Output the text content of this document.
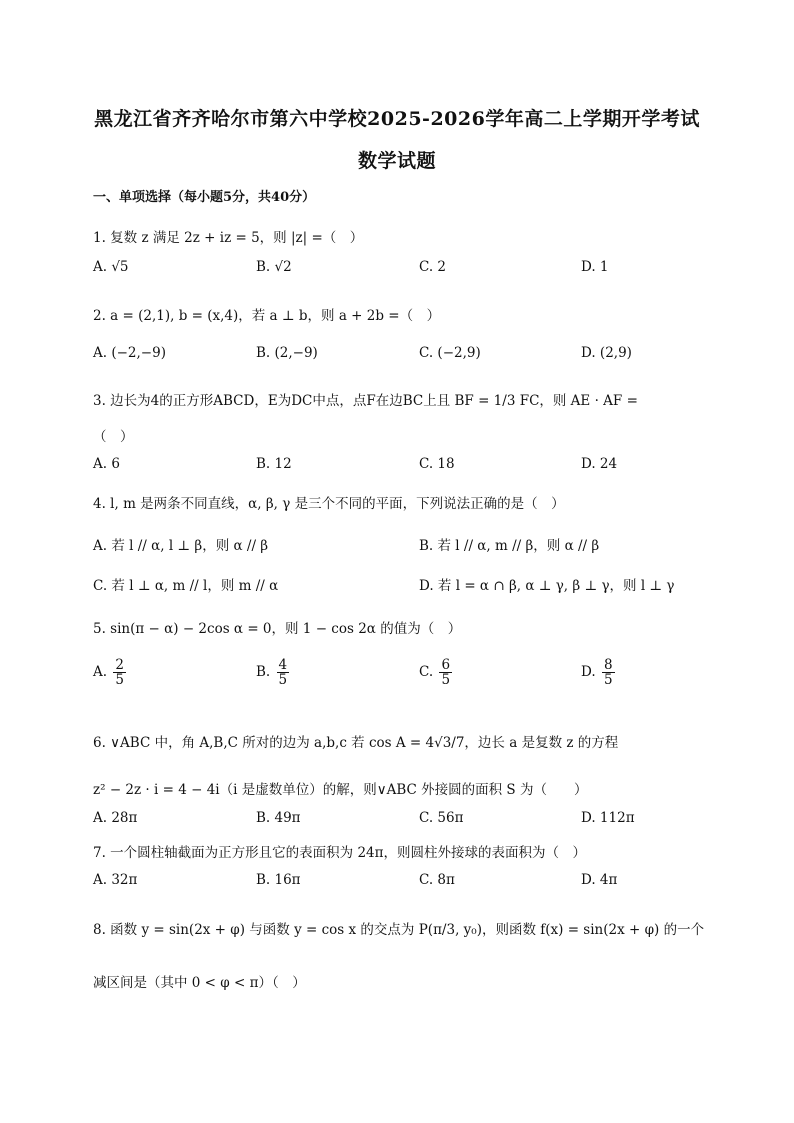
黑龙江省齐齐哈尔市第六中学校2025-2026学年高二上学期开学考试
数学试题
一、单项选择（每小题5分，共40分）
1. 复数 z 满足 2z + iz = 5，则 |z| =（　）
A. √5	B. √2	C. 2	D. 1
2. a = (2,1), b = (x,4)，若 a ⊥ b，则 a + 2b =（　）
A. (−2,−9)	B. (2,−9)	C. (−2,9)	D. (2,9)
3. 边长为4的正方形ABCD，E为DC中点，点F在边BC上且 BF = 1/3 FC，则 AE · AF =
（　）
A. 6	B. 12	C. 18	D. 24
4. l, m 是两条不同直线，α, β, γ 是三个不同的平面，下列说法正确的是（　）
A. 若 l // α, l ⊥ β，则 α // β	B. 若 l // α, m // β，则 α // β
C. 若 l ⊥ α, m // l，则 m // α	D. 若 l = α ∩ β, α ⊥ γ, β ⊥ γ，则 l ⊥ γ
5. sin(π − α) − 2cos α = 0，则 1 − cos 2α 的值为（　）
A. $\frac{2}{5}$	B. $\frac{4}{5}$	C. $\frac{6}{5}$	D. $\frac{8}{5}$
6. ∨ABC 中，角 A,B,C 所对的边为 a,b,c 若 cos A = 4√3/7，边长 a 是复数 z 的方程
z² − 2z · i = 4 − 4i（i 是虚数单位）的解，则∨ABC 外接圆的面积 S 为（　　）
A. 28π	B. 49π	C. 56π	D. 112π
7. 一个圆柱轴截面为正方形且它的表面积为 24π，则圆柱外接球的表面积为（　）
A. 32π	B. 16π	C. 8π	D. 4π
8. 函数 y = sin(2x + φ) 与函数 y = cos x 的交点为 P(π/3, y₀)，则函数 f(x) = sin(2x + φ) 的一个
减区间是（其中 0 < φ < π）（　）
